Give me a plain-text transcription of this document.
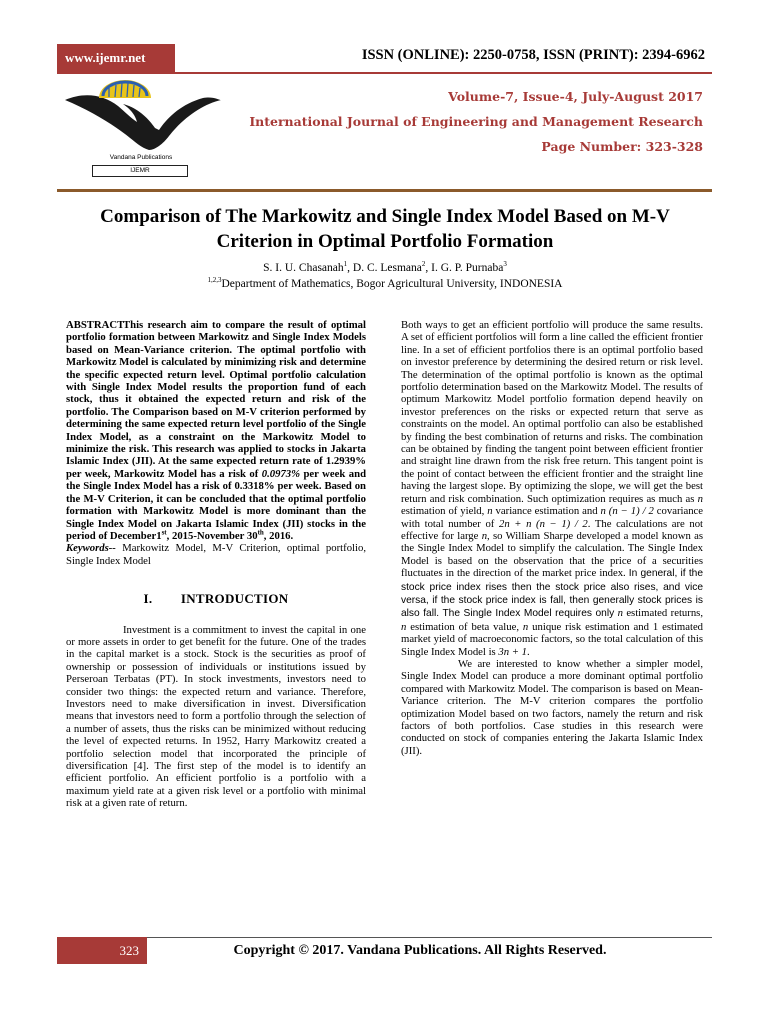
www.ijemr.net	ISSN (ONLINE): 2250-0758, ISSN (PRINT): 2394-6962
Vandana Publications
IJEMR
Volume-7, Issue-4, July-August 2017
International Journal of Engineering and Management Research
Page Number: 323-328
Comparison of The Markowitz and Single Index Model Based on M-V
Criterion in Optimal Portfolio Formation
S. I. U. Chasanah$^1$, D. C. Lesmana$^2$, I. G. P. Purnaba$^3$
$^{1,2,3}$Department of Mathematics, Bogor Agricultural University, INDONESIA

ABSTRACT
This research aim to compare the result of optimal portfolio formation between Markowitz and Single Index Models based on Mean-Variance criterion. The optimal portfolio with Markowitz Model is calculated by minimizing risk and determine the specific expected return level. Optimal portfolio calculation with Single Index Model results the proportion fund of each stock, thus it obtained the expected return and risk of the portfolio. The Comparison based on M-V criterion performed by determining the same expected return level portfolio of the Single Index Model, as a constraint on the Markowitz Model to minimize the risk. This research was applied to stocks in Jakarta Islamic Index (JII). At the same expected return rate of 1.2939% per week, Markowitz Model has a risk of 0.0973% per week and the Single Index Model has a risk of 0.3318% per week. Based on the M-V Criterion, it can be concluded that the optimal portfolio formation with Markowitz Model is more dominant than the Single Index Model on Jakarta Islamic Index (JII) stocks in the period of December1st, 2015-November 30th, 2016.

Keywords-- Markowitz Model, M-V Criterion, optimal portfolio, Single Index Model

I.        INTRODUCTION

Investment is a commitment to invest the capital in one or more assets in order to get benefit for the future. One of the trades in the capital market is a stock. Stock is the securities as proof of ownership or possession of individuals or institutions issued by Perseroan Terbatas (PT). In stock investments, investors need to consider two things: the expected return and variance. Therefore, Investors need to make diversification in invest. Diversification means that investors need to form a portfolio through the selection of a number of assets, thus the risks can be minimized without reducing the level of expected returns. In 1952, Harry Markowitz created a portfolio selection model that incorporated the principle of diversification [4]. The first step of the model is to identify an efficient portfolio. An efficient portfolio is a portfolio with a maximum yield rate at a given risk level or a portfolio with minimal risk at a given rate of return.

Both ways to get an efficient portfolio will produce the same results. A set of efficient portfolios will form a line called the efficient frontier line. In a set of efficient portfolios there is an optimal portfolio based on investor preference by determining the desired return or risk level. The determination of the optimal portfolio is known as the optimal portfolio determination based on the Markowitz Model. The results of optimum Markowitz Model portfolio formation depend heavily on investor preferences on the risks or expected return that serve as constraints on the model. An optimal portfolio can also be established by finding the best combination of returns and risks. The combination can be obtained by finding the tangent point between efficient frontier and straight line drawn from the risk free return. This tangent point is the point of contact between the efficient frontier and the straight line having the largest slope. By optimizing the slope, we will get the best return and risk combination. Such optimization requires as much as n estimation of yield, n variance estimation and n (n − 1) / 2 covariance with total number of 2n + n (n − 1) / 2. The calculations are not effective for large n, so William Sharpe developed a model known as the Single Index Model to simplify the calculation. The Single Index Model is based on the observation that the price of a securities fluctuates in the direction of the market price index. In general, if the stock price index rises then the stock price also rises, and vice versa, if the stock price index is fall, then generally stock prices is also fall. The Single Index Model requires only n estimated returns, n estimation of beta value, n unique risk estimation and 1 estimated market yield of macroeconomic factors, so the total calculation of this Single Index Model is 3n + 1.

We are interested to know whether a simpler model, Single Index Model can produce a more dominant optimal portfolio compared with Markowitz Model. The comparison is based on Mean-Variance criterion. The M-V criterion compares the portfolio optimization Model based on two factors, namely the return and risk factors of both portfolios. Case studies in this research were conducted on stock of companies entering the Jakarta Islamic Index (JII).

323	Copyright © 2017. Vandana Publications. All Rights Reserved.
